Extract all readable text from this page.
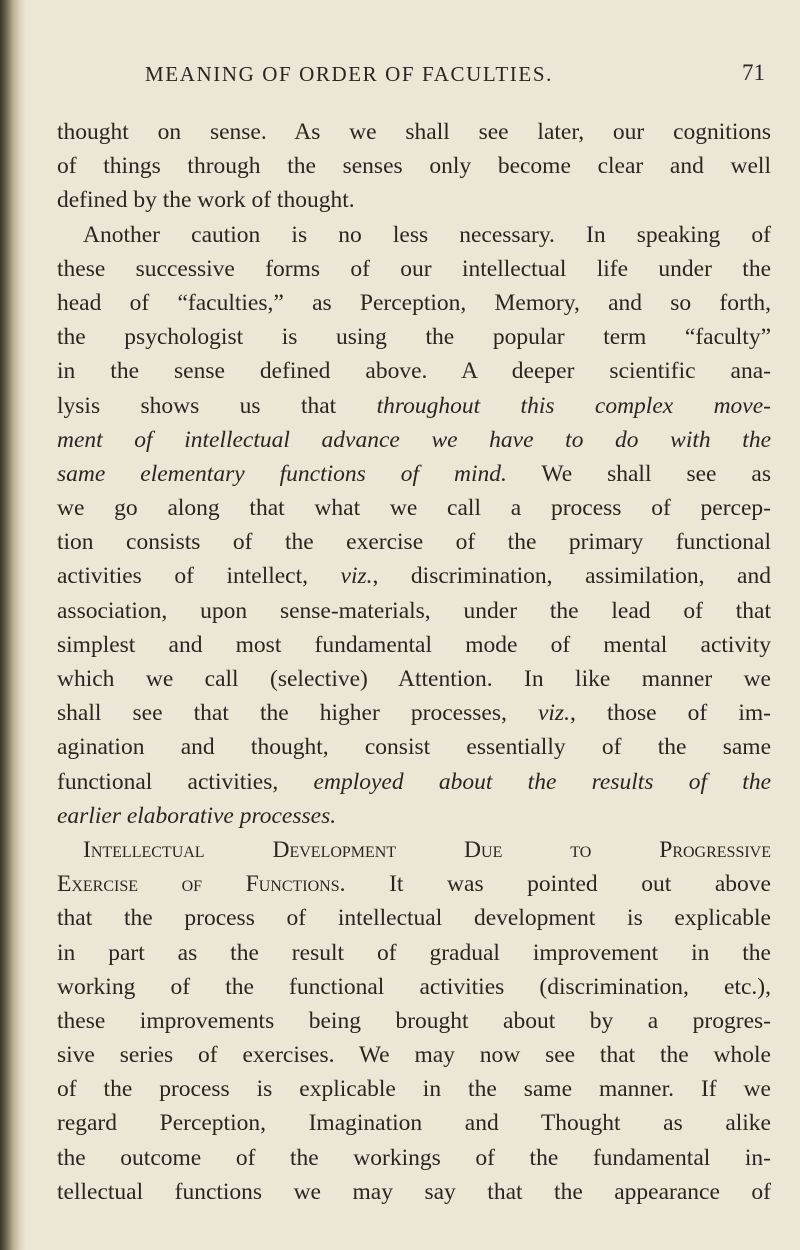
MEANING OF ORDER OF FACULTIES.	71
thought on sense. As we shall see later, our cognitions
of things through the senses only become clear and well
defined by the work of thought.
Another caution is no less necessary. In speaking of
these successive forms of our intellectual life under the
head of “faculties,” as Perception, Memory, and so forth,
the psychologist is using the popular term “faculty”
in the sense defined above. A deeper scientific ana-
lysis shows us that throughout this complex move-
ment of intellectual advance we have to do with the
same elementary functions of mind. We shall see as
we go along that what we call a process of percep-
tion consists of the exercise of the primary functional
activities of intellect, viz., discrimination, assimilation, and
association, upon sense-materials, under the lead of that
simplest and most fundamental mode of mental activity
which we call (selective) Attention. In like manner we
shall see that the higher processes, viz., those of im-
agination and thought, consist essentially of the same
functional activities, employed about the results of the
earlier elaborative processes.
Intellectual Development Due to Progressive
Exercise of Functions. It was pointed out above
that the process of intellectual development is explicable
in part as the result of gradual improvement in the
working of the functional activities (discrimination, etc.),
these improvements being brought about by a progres-
sive series of exercises. We may now see that the whole
of the process is explicable in the same manner. If we
regard Perception, Imagination and Thought as alike
the outcome of the workings of the fundamental in-
tellectual functions we may say that the appearance of
